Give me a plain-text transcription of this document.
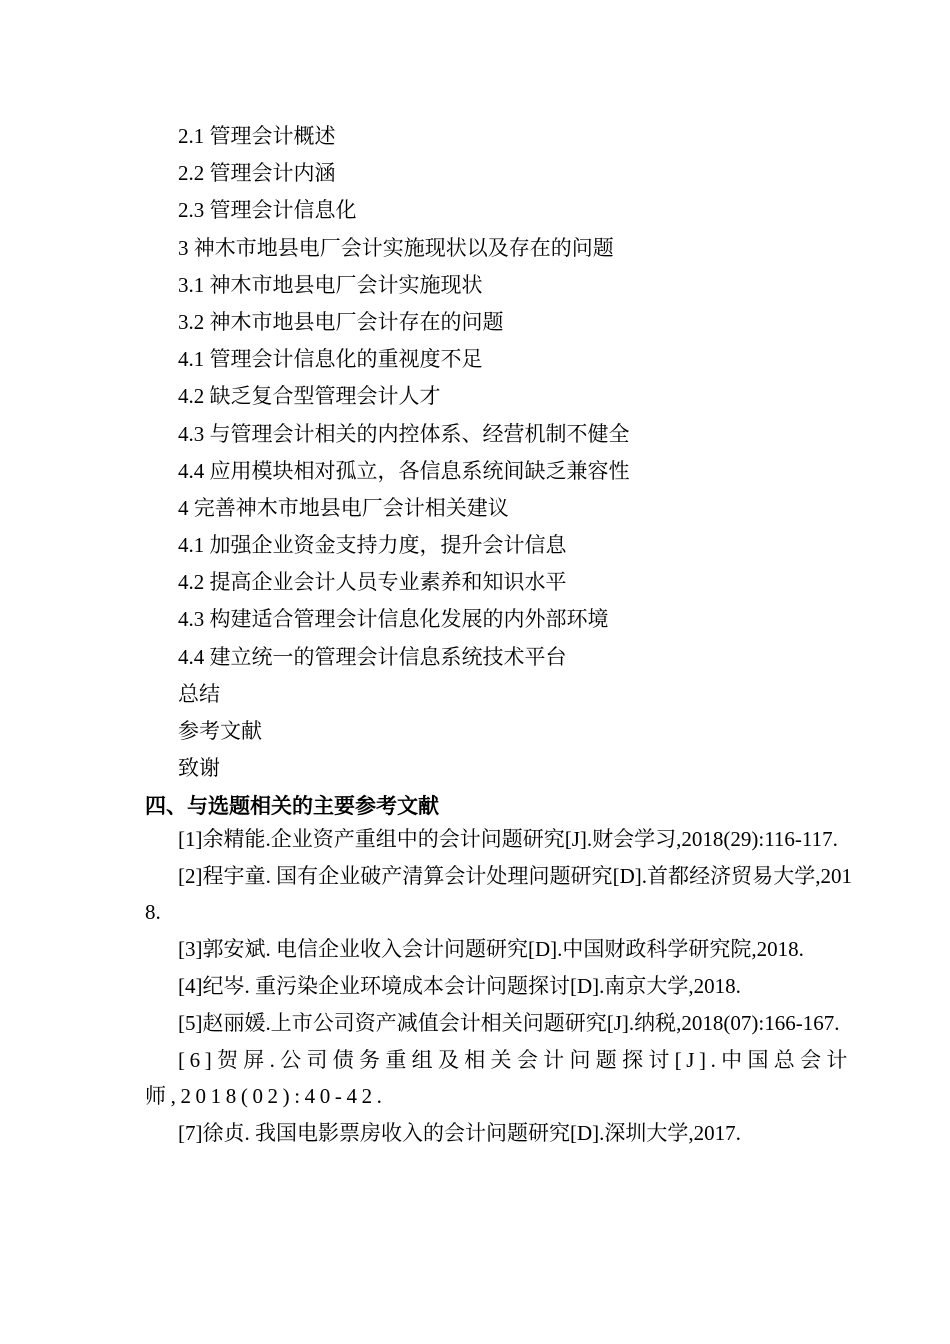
2.1 管理会计概述
2.2 管理会计内涵
2.3 管理会计信息化
3 神木市地县电厂会计实施现状以及存在的问题
3.1 神木市地县电厂会计实施现状
3.2 神木市地县电厂会计存在的问题
4.1 管理会计信息化的重视度不足
4.2 缺乏复合型管理会计人才
4.3 与管理会计相关的内控体系、经营机制不健全
4.4 应用模块相对孤立，各信息系统间缺乏兼容性
4 完善神木市地县电厂会计相关建议
4.1 加强企业资金支持力度，提升会计信息
4.2 提高企业会计人员专业素养和知识水平
4.3 构建适合管理会计信息化发展的内外部环境
4.4 建立统一的管理会计信息系统技术平台
总结
参考文献
致谢
四、与选题相关的主要参考文献

[1]余精能.企业资产重组中的会计问题研究[J].财会学习,2018(29):116-117.

[2]程宇童. 国有企业破产清算会计处理问题研究[D].首都经济贸易大学,2018.

[3]郭安斌. 电信企业收入会计问题研究[D].中国财政科学研究院,2018.

[4]纪岑. 重污染企业环境成本会计问题探讨[D].南京大学,2018.

[5]赵丽媛.上市公司资产减值会计相关问题研究[J].纳税,2018(07):166-167.

[6]贺屏.公司债务重组及相关会计问题探讨[J].中国总会计师,2018(02):40-42.

[7]徐贞. 我国电影票房收入的会计问题研究[D].深圳大学,2017.
